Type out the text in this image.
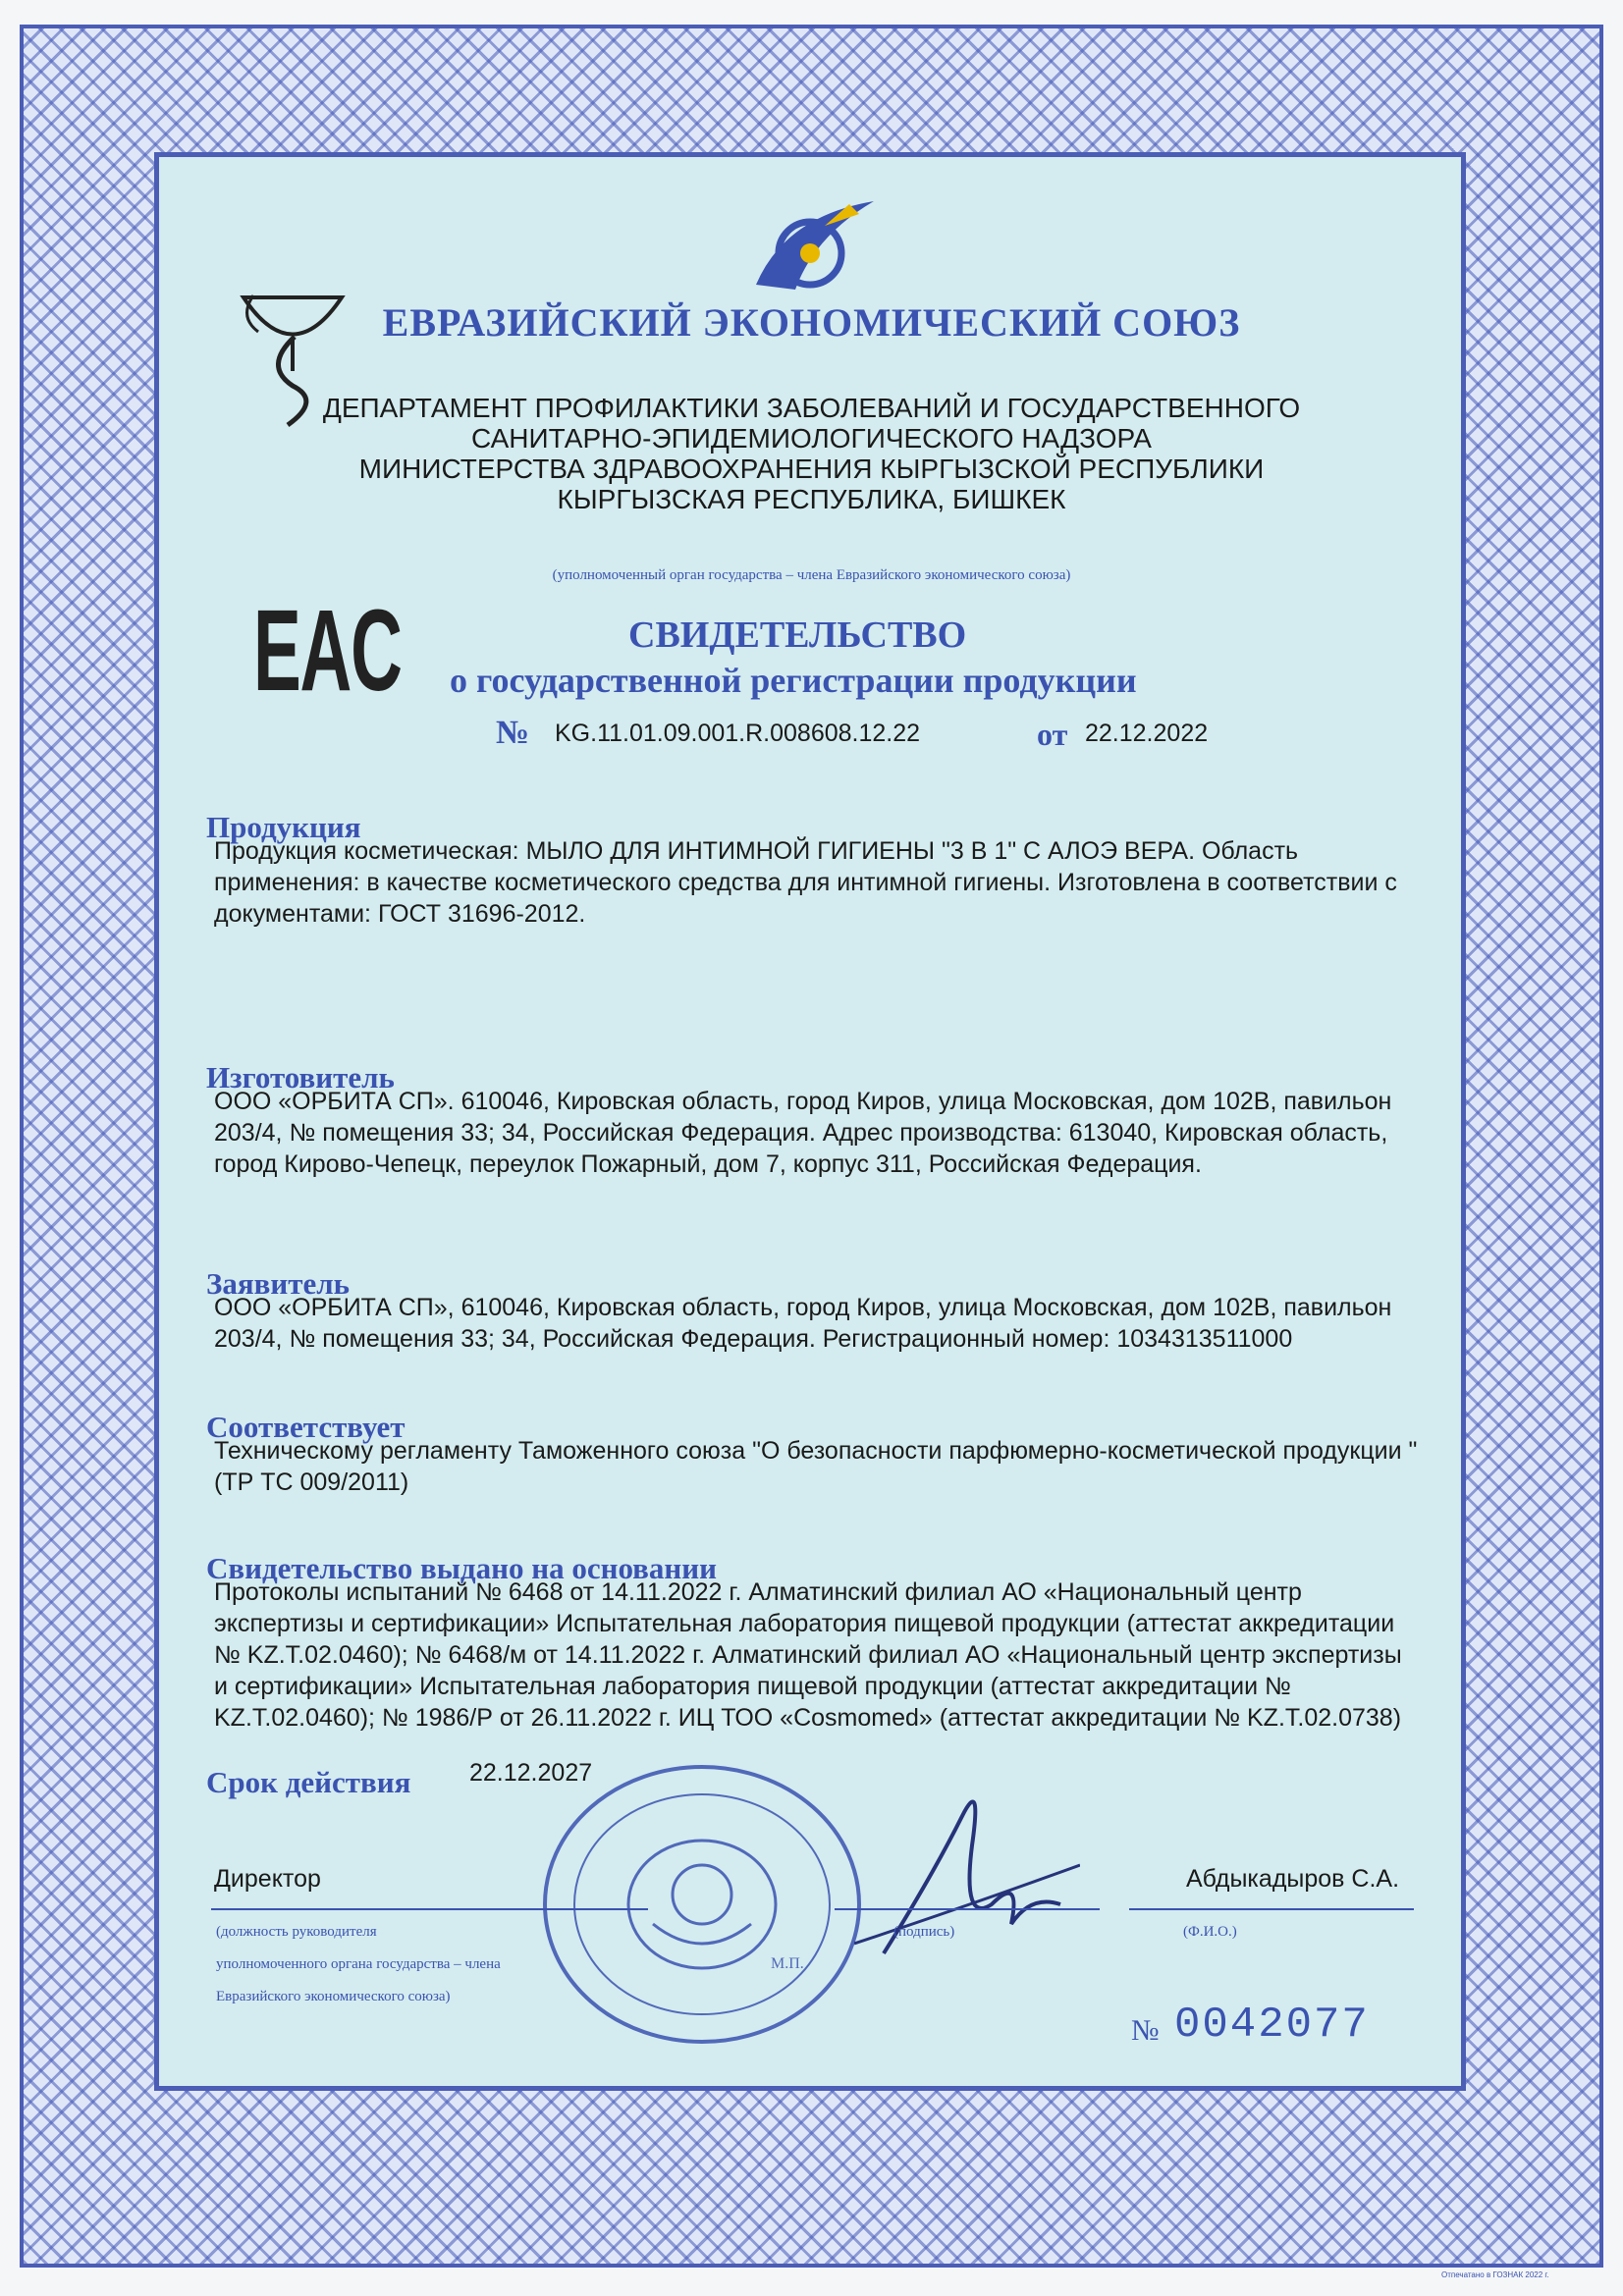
ЕВРАЗИЙСКИЙ ЭКОНОМИЧЕСКИЙ СОЮЗ
ДЕПАРТАМЕНТ ПРОФИЛАКТИКИ ЗАБОЛЕВАНИЙ И ГОСУДАРСТВЕННОГО
САНИТАРНО-ЭПИДЕМИОЛОГИЧЕСКОГО НАДЗОРА
МИНИСТЕРСТВА ЗДРАВООХРАНЕНИЯ КЫРГЫЗСКОЙ РЕСПУБЛИКИ
КЫРГЫЗСКАЯ РЕСПУБЛИКА, БИШКЕК
(уполномоченный орган государства – члена Евразийского экономического союза)
EAC	СВИДЕТЕЛЬСТВО
о государственной регистрации продукции
№ KG.11.01.09.001.R.008608.12.22	от 22.12.2022
Продукция
Продукция косметическая: МЫЛО ДЛЯ ИНТИМНОЙ ГИГИЕНЫ "3 В 1" С АЛОЭ ВЕРА. Область применения: в качестве косметического средства для интимной гигиены. Изготовлена в соответствии с документами: ГОСТ 31696-2012.
Изготовитель
ООО «ОРБИТА СП». 610046, Кировская область, город Киров, улица Московская, дом 102В, павильон 203/4, № помещения 33; 34, Российская Федерация. Адрес производства: 613040, Кировская область, город Кирово-Чепецк, переулок Пожарный, дом 7, корпус 311, Российская Федерация.
Заявитель
ООО «ОРБИТА СП», 610046, Кировская область, город Киров, улица Московская, дом 102В, павильон 203/4, № помещения 33; 34, Российская Федерация. Регистрационный номер: 1034313511000
Соответствует
Техническому регламенту Таможенного союза "О безопасности парфюмерно-косметической продукции " (ТР ТС 009/2011)
Свидетельство выдано на основании
Протоколы испытаний № 6468 от 14.11.2022 г. Алматинский филиал АО «Национальный центр экспертизы и сертификации» Испытательная лаборатория пищевой продукции (аттестат аккредитации № KZ.T.02.0460); № 6468/м от 14.11.2022 г. Алматинский филиал АО «Национальный центр экспертизы и сертификации» Испытательная лаборатория пищевой продукции (аттестат аккредитации № KZ.T.02.0460); № 1986/Р от 26.11.2022 г. ИЦ ТОО «Cosmomed» (аттестат аккредитации № KZ.T.02.0738)
Срок действия 22.12.2027
М.П.
Директор	Абдыкадыров С.А.
(должность руководителя
уполномоченного органа государства – члена
Евразийского экономического союза)
(подпись)	(Ф.И.О.)
№ 0042077
Отпечатано в ГОЗНАК 2022 г.
